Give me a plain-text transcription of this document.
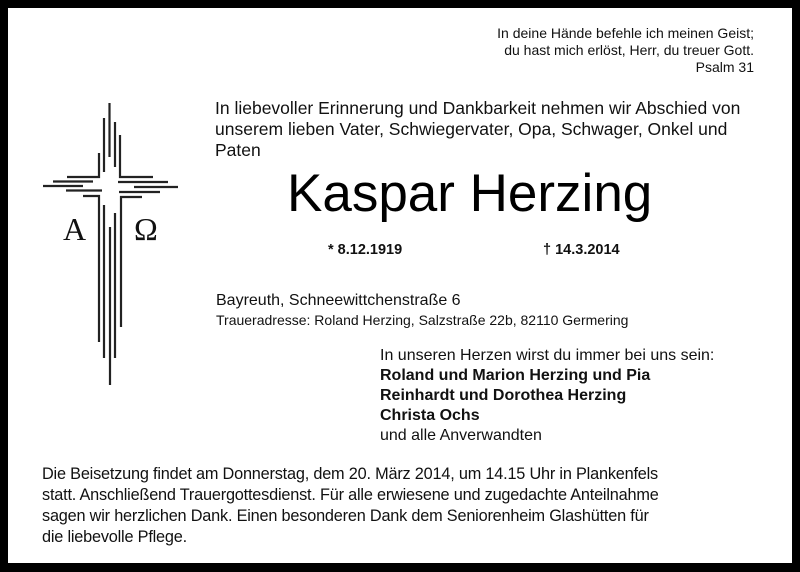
In deine Hände befehle ich meinen Geist;
du hast mich erlöst, Herr, du treuer Gott.
Psalm 31
A Ω
In liebevoller Erinnerung und Dankbarkeit nehmen wir Abschied von
unserem lieben Vater, Schwiegervater, Opa, Schwager, Onkel und
Paten
Kaspar Herzing
* 8.12.1919	† 14.3.2014
Bayreuth, Schneewittchenstraße 6
Traueradresse: Roland Herzing, Salzstraße 22b, 82110 Germering
In unseren Herzen wirst du immer bei uns sein:
Roland und Marion Herzing und Pia
Reinhardt und Dorothea Herzing
Christa Ochs
und alle Anverwandten
Die Beisetzung findet am Donnerstag, dem 20. März 2014, um 14.15 Uhr in Plankenfels
statt. Anschließend Trauergottesdienst. Für alle erwiesene und zugedachte Anteilnahme
sagen wir herzlichen Dank. Einen besonderen Dank dem Seniorenheim Glashütten für
die liebevolle Pflege.
